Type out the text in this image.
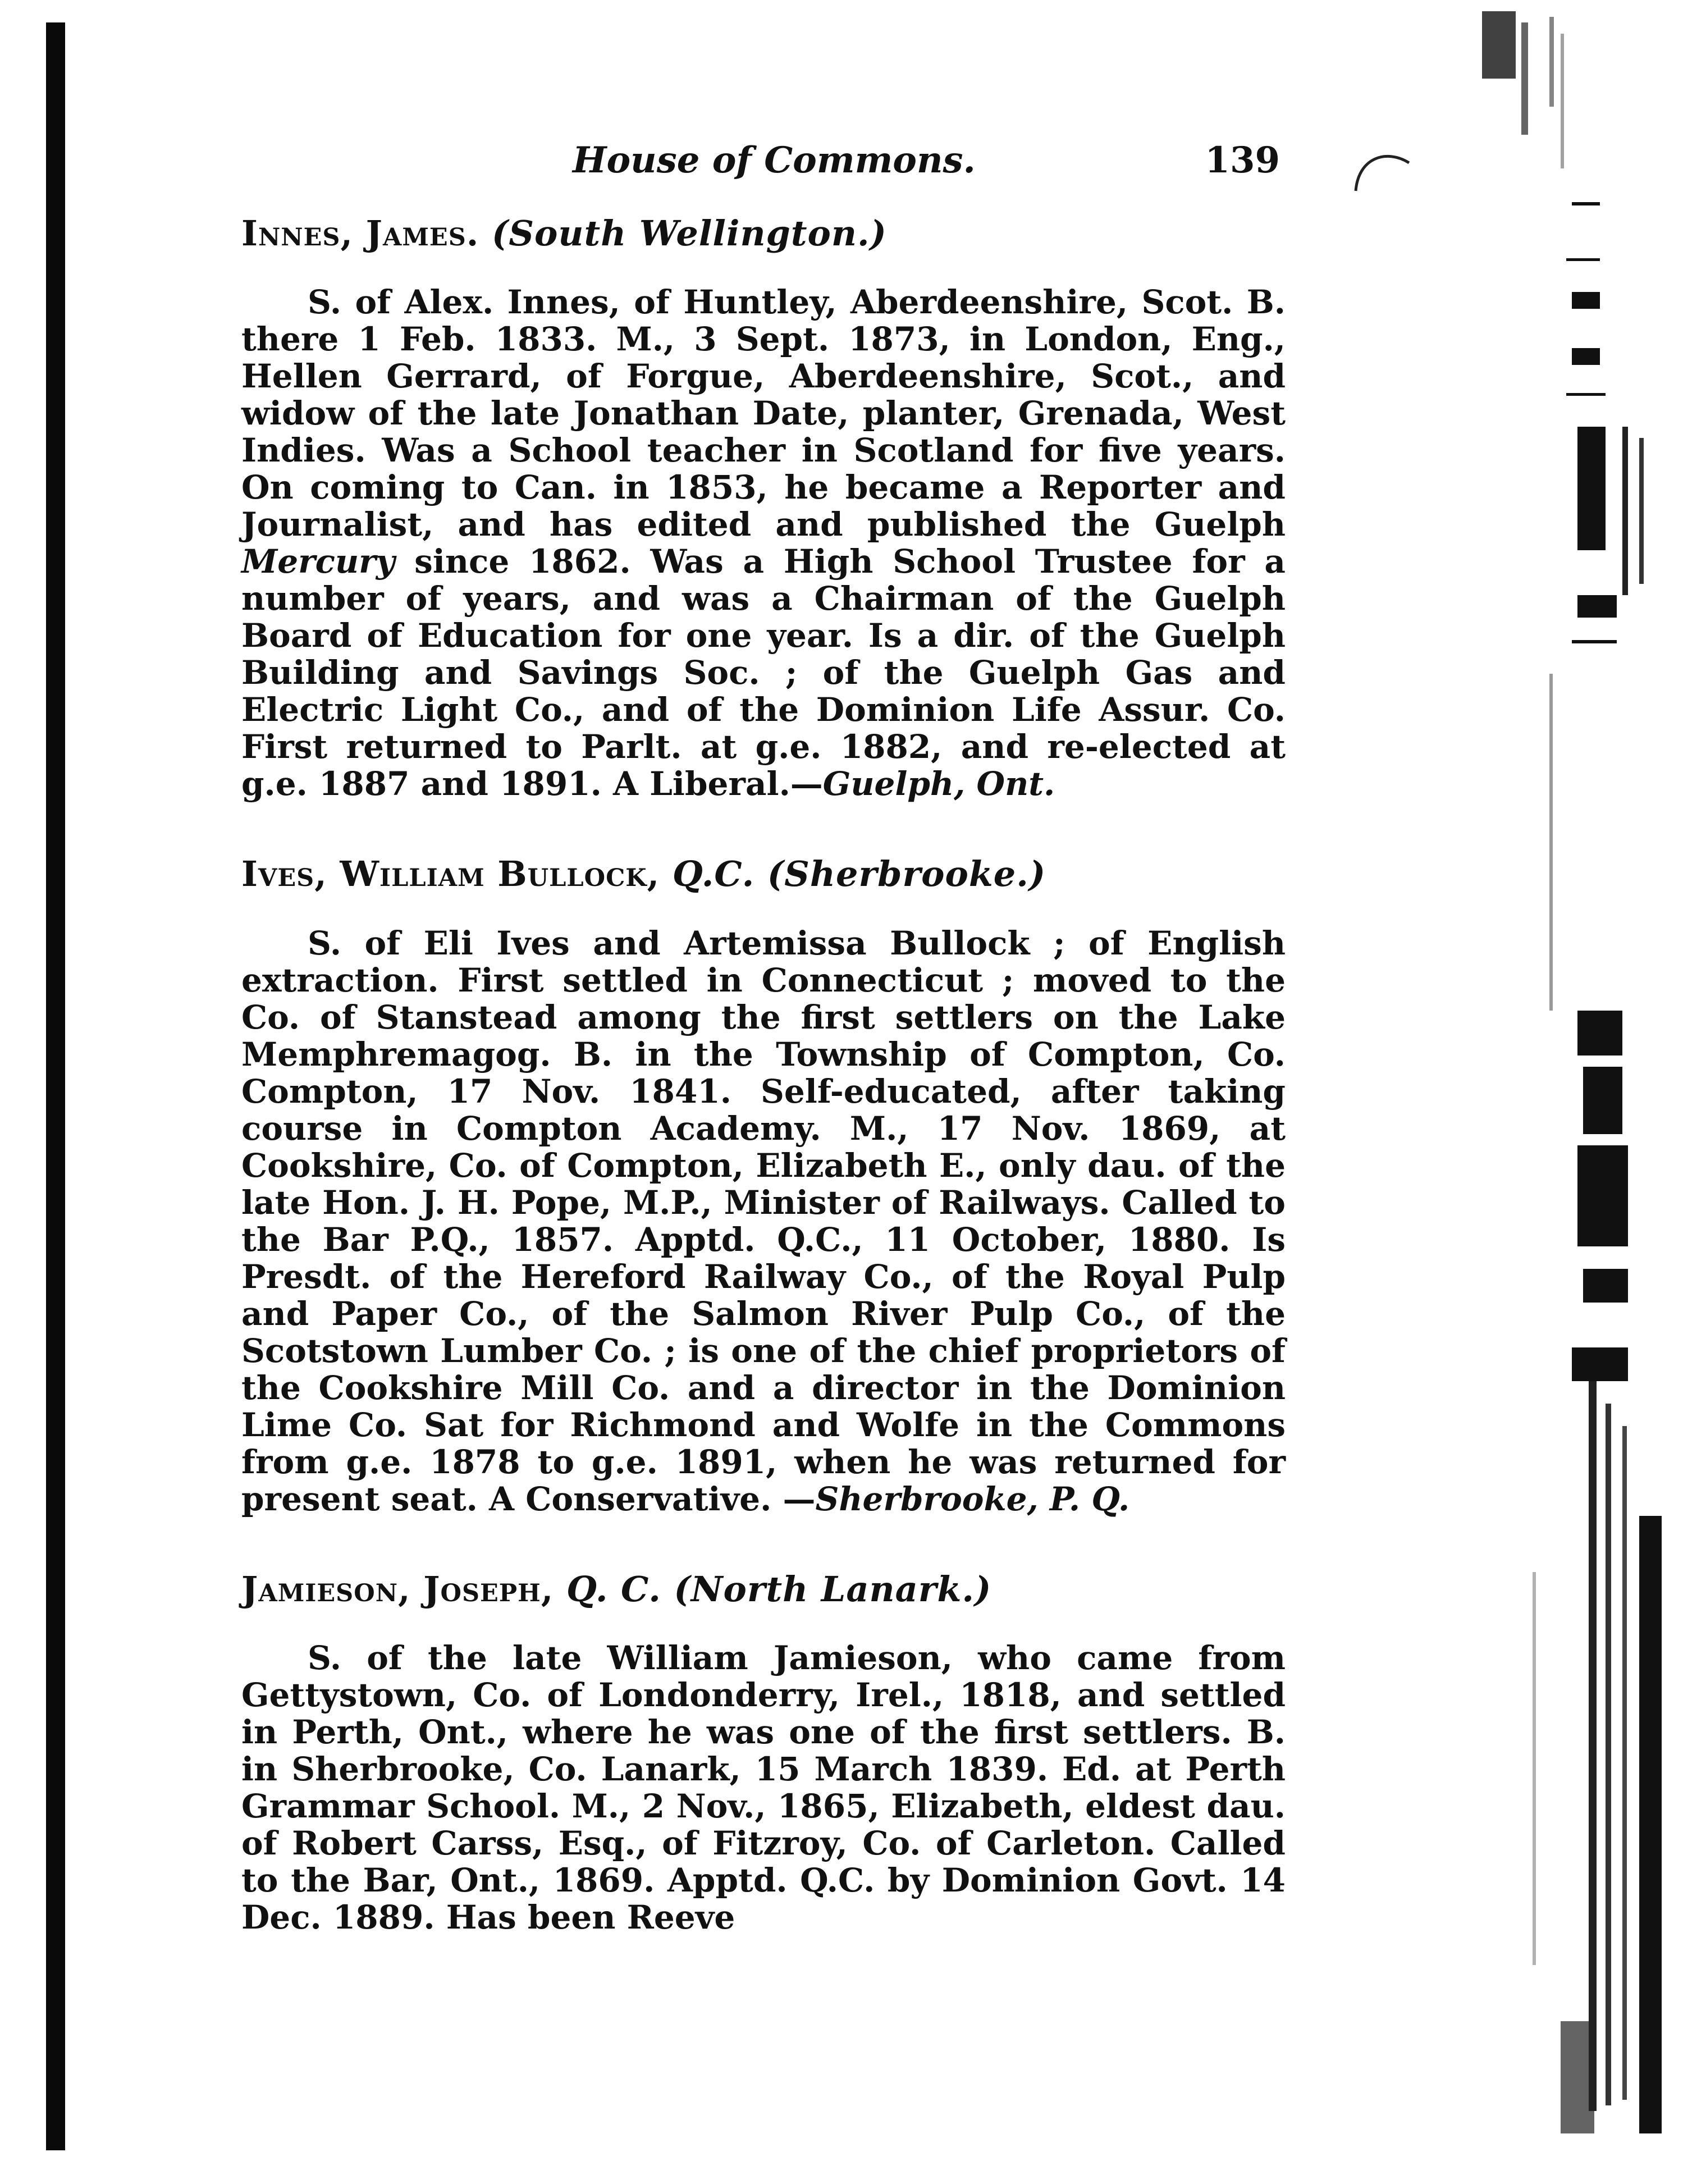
House of Commons.	139

Innes, James. (South Wellington.)

S. of Alex. Innes, of Huntley, Aberdeenshire, Scot. B. there 1 Feb. 1833. M., 3 Sept. 1873, in London, Eng., Hellen Gerrard, of Forgue, Aberdeenshire, Scot., and widow of the late Jonathan Date, planter, Grenada, West Indies. Was a School teacher in Scotland for five years. On coming to Can. in 1853, he became a Reporter and Journalist, and has edited and published the Guelph Mercury since 1862. Was a High School Trustee for a number of years, and was a Chairman of the Guelph Board of Education for one year. Is a dir. of the Guelph Building and Savings Soc. ; of the Guelph Gas and Electric Light Co., and of the Dominion Life Assur. Co. First returned to Parlt. at g.e. 1882, and re-elected at g.e. 1887 and 1891. A Liberal.—Guelph, Ont.

Ives, William Bullock, Q.C. (Sherbrooke.)

S. of Eli Ives and Artemissa Bullock ; of English extraction. First settled in Connecticut ; moved to the Co. of Stanstead among the first settlers on the Lake Memphremagog. B. in the Township of Compton, Co. Compton, 17 Nov. 1841. Self-educated, after taking course in Compton Academy. M., 17 Nov. 1869, at Cookshire, Co. of Compton, Elizabeth E., only dau. of the late Hon. J. H. Pope, M.P., Minister of Railways. Called to the Bar P.Q., 1857. Apptd. Q.C., 11 October, 1880. Is Presdt. of the Hereford Railway Co., of the Royal Pulp and Paper Co., of the Salmon River Pulp Co., of the Scotstown Lumber Co. ; is one of the chief proprietors of the Cookshire Mill Co. and a director in the Dominion Lime Co. Sat for Richmond and Wolfe in the Commons from g.e. 1878 to g.e. 1891, when he was returned for present seat. A Conservative. —Sherbrooke, P. Q.

Jamieson, Joseph, Q. C. (North Lanark.)

S. of the late William Jamieson, who came from Gettystown, Co. of Londonderry, Irel., 1818, and settled in Perth, Ont., where he was one of the first settlers. B. in Sherbrooke, Co. Lanark, 15 March 1839. Ed. at Perth Grammar School. M., 2 Nov., 1865, Elizabeth, eldest dau. of Robert Carss, Esq., of Fitzroy, Co. of Carleton. Called to the Bar, Ont., 1869. Apptd. Q.C. by Dominion Govt. 14 Dec. 1889. Has been Reeve
